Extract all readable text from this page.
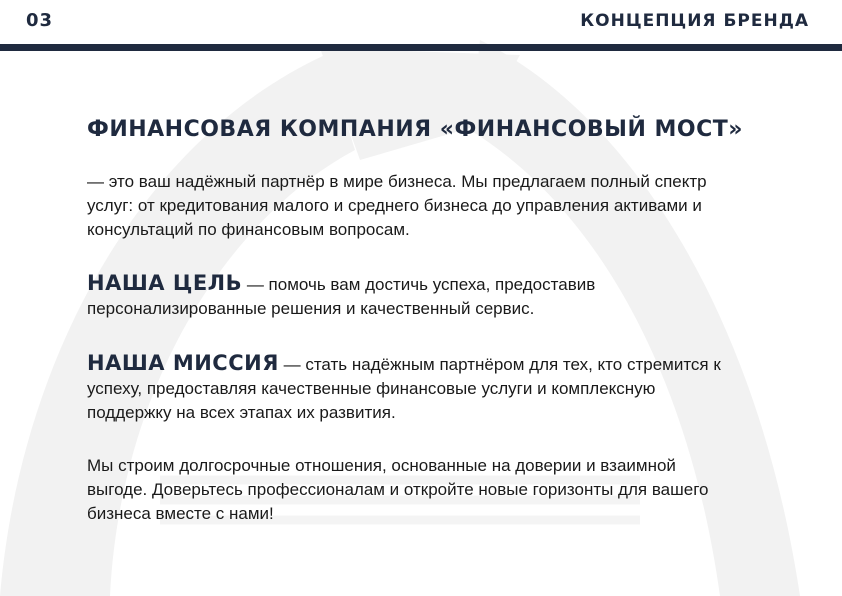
03	КОНЦЕПЦИЯ БРЕНДА
ФИНАНСОВАЯ КОМПАНИЯ «ФИНАНСОВЫЙ МОСТ»

— это ваш надёжный партнёр в мире бизнеса. Мы предлагаем полный спектр услуг: от кредитования малого и среднего бизнеса до управления активами и консультаций по финансовым вопросам.

НАША ЦЕЛЬ — помочь вам достичь успеха, предоставив персонализированные решения и качественный сервис.

НАША МИССИЯ — стать надёжным партнёром для тех, кто стремится к успеху, предоставляя качественные финансовые услуги и комплексную поддержку на всех этапах их развития.

Мы строим долгосрочные отношения, основанные на доверии и взаимной выгоде. Доверьтесь профессионалам и откройте новые горизонты для вашего бизнеса вместе с нами!
